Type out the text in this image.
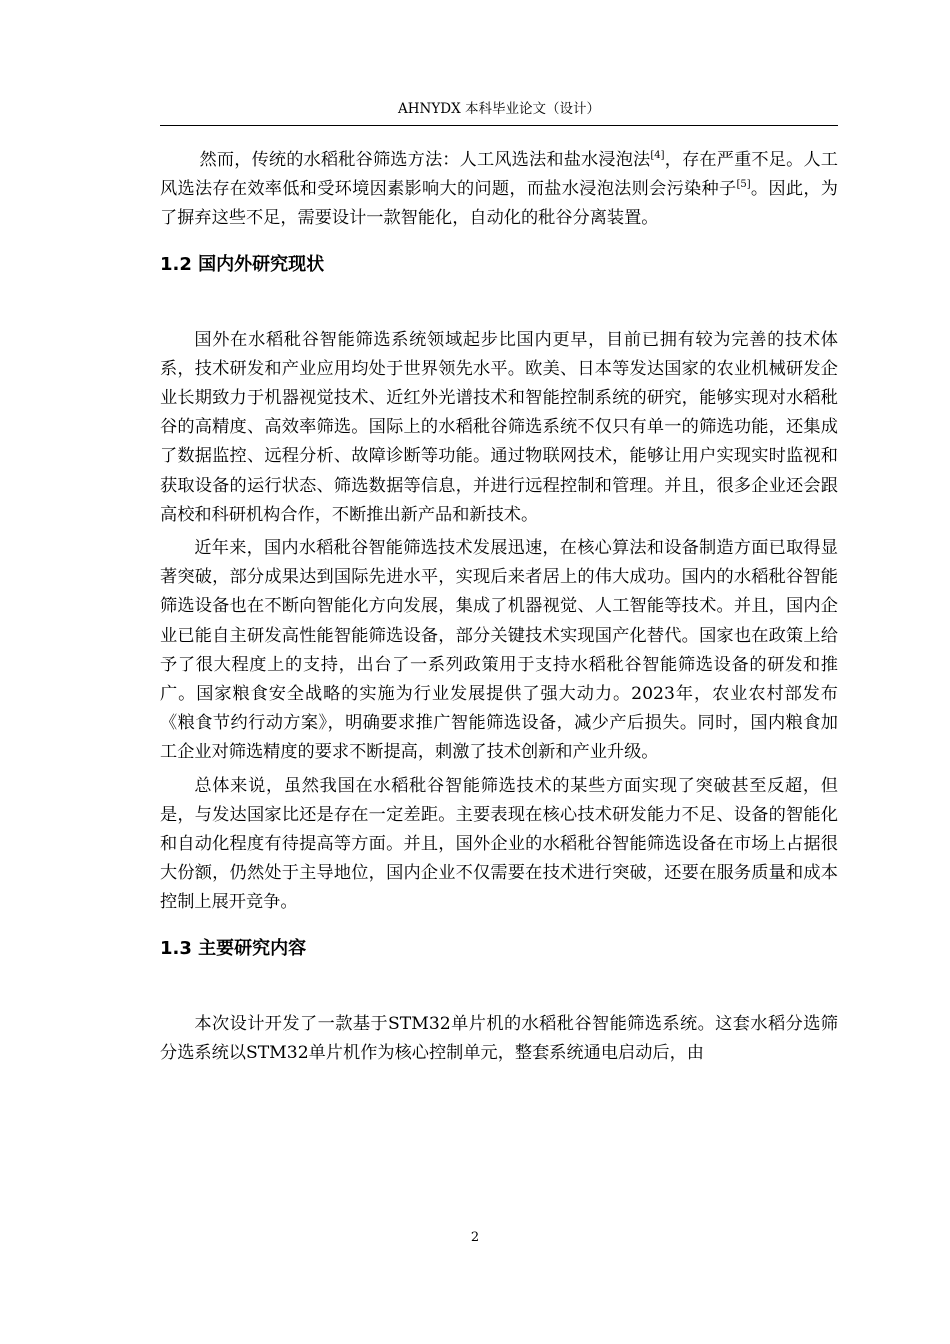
AHNYDX 本科毕业论文（设计）

然而，传统的水稻秕谷筛选方法：人工风选法和盐水浸泡法[4]，存在严重不足。人工风选法存在效率低和受环境因素影响大的问题，而盐水浸泡法则会污染种子[5]。因此，为了摒弃这些不足，需要设计一款智能化，自动化的秕谷分离装置。

1.2 国内外研究现状

国外在水稻秕谷智能筛选系统领域起步比国内更早，目前已拥有较为完善的技术体系，技术研发和产业应用均处于世界领先水平。欧美、日本等发达国家的农业机械研发企业长期致力于机器视觉技术、近红外光谱技术和智能控制系统的研究，能够实现对水稻秕谷的高精度、高效率筛选。国际上的水稻秕谷筛选系统不仅只有单一的筛选功能，还集成了数据监控、远程分析、故障诊断等功能。通过物联网技术，能够让用户实现实时监视和获取设备的运行状态、筛选数据等信息，并进行远程控制和管理。并且，很多企业还会跟高校和科研机构合作，不断推出新产品和新技术。

近年来，国内水稻秕谷智能筛选技术发展迅速，在核心算法和设备制造方面已取得显著突破，部分成果达到国际先进水平，实现后来者居上的伟大成功。国内的水稻秕谷智能筛选设备也在不断向智能化方向发展，集成了机器视觉、人工智能等技术。并且，国内企业已能自主研发高性能智能筛选设备，部分关键技术实现国产化替代。国家也在政策上给予了很大程度上的支持，出台了一系列政策用于支持水稻秕谷智能筛选设备的研发和推广。国家粮食安全战略的实施为行业发展提供了强大动力。2023年，农业农村部发布《粮食节约行动方案》，明确要求推广智能筛选设备，减少产后损失。同时，国内粮食加工企业对筛选精度的要求不断提高，刺激了技术创新和产业升级。

总体来说，虽然我国在水稻秕谷智能筛选技术的某些方面实现了突破甚至反超，但是，与发达国家比还是存在一定差距。主要表现在核心技术研发能力不足、设备的智能化和自动化程度有待提高等方面。并且，国外企业的水稻秕谷智能筛选设备在市场上占据很大份额，仍然处于主导地位，国内企业不仅需要在技术进行突破，还要在服务质量和成本控制上展开竞争。

1.3 主要研究内容

本次设计开发了一款基于STM32单片机的水稻秕谷智能筛选系统。这套水稻分选筛分选系统以STM32单片机作为核心控制单元，整套系统通电启动后，由

2
